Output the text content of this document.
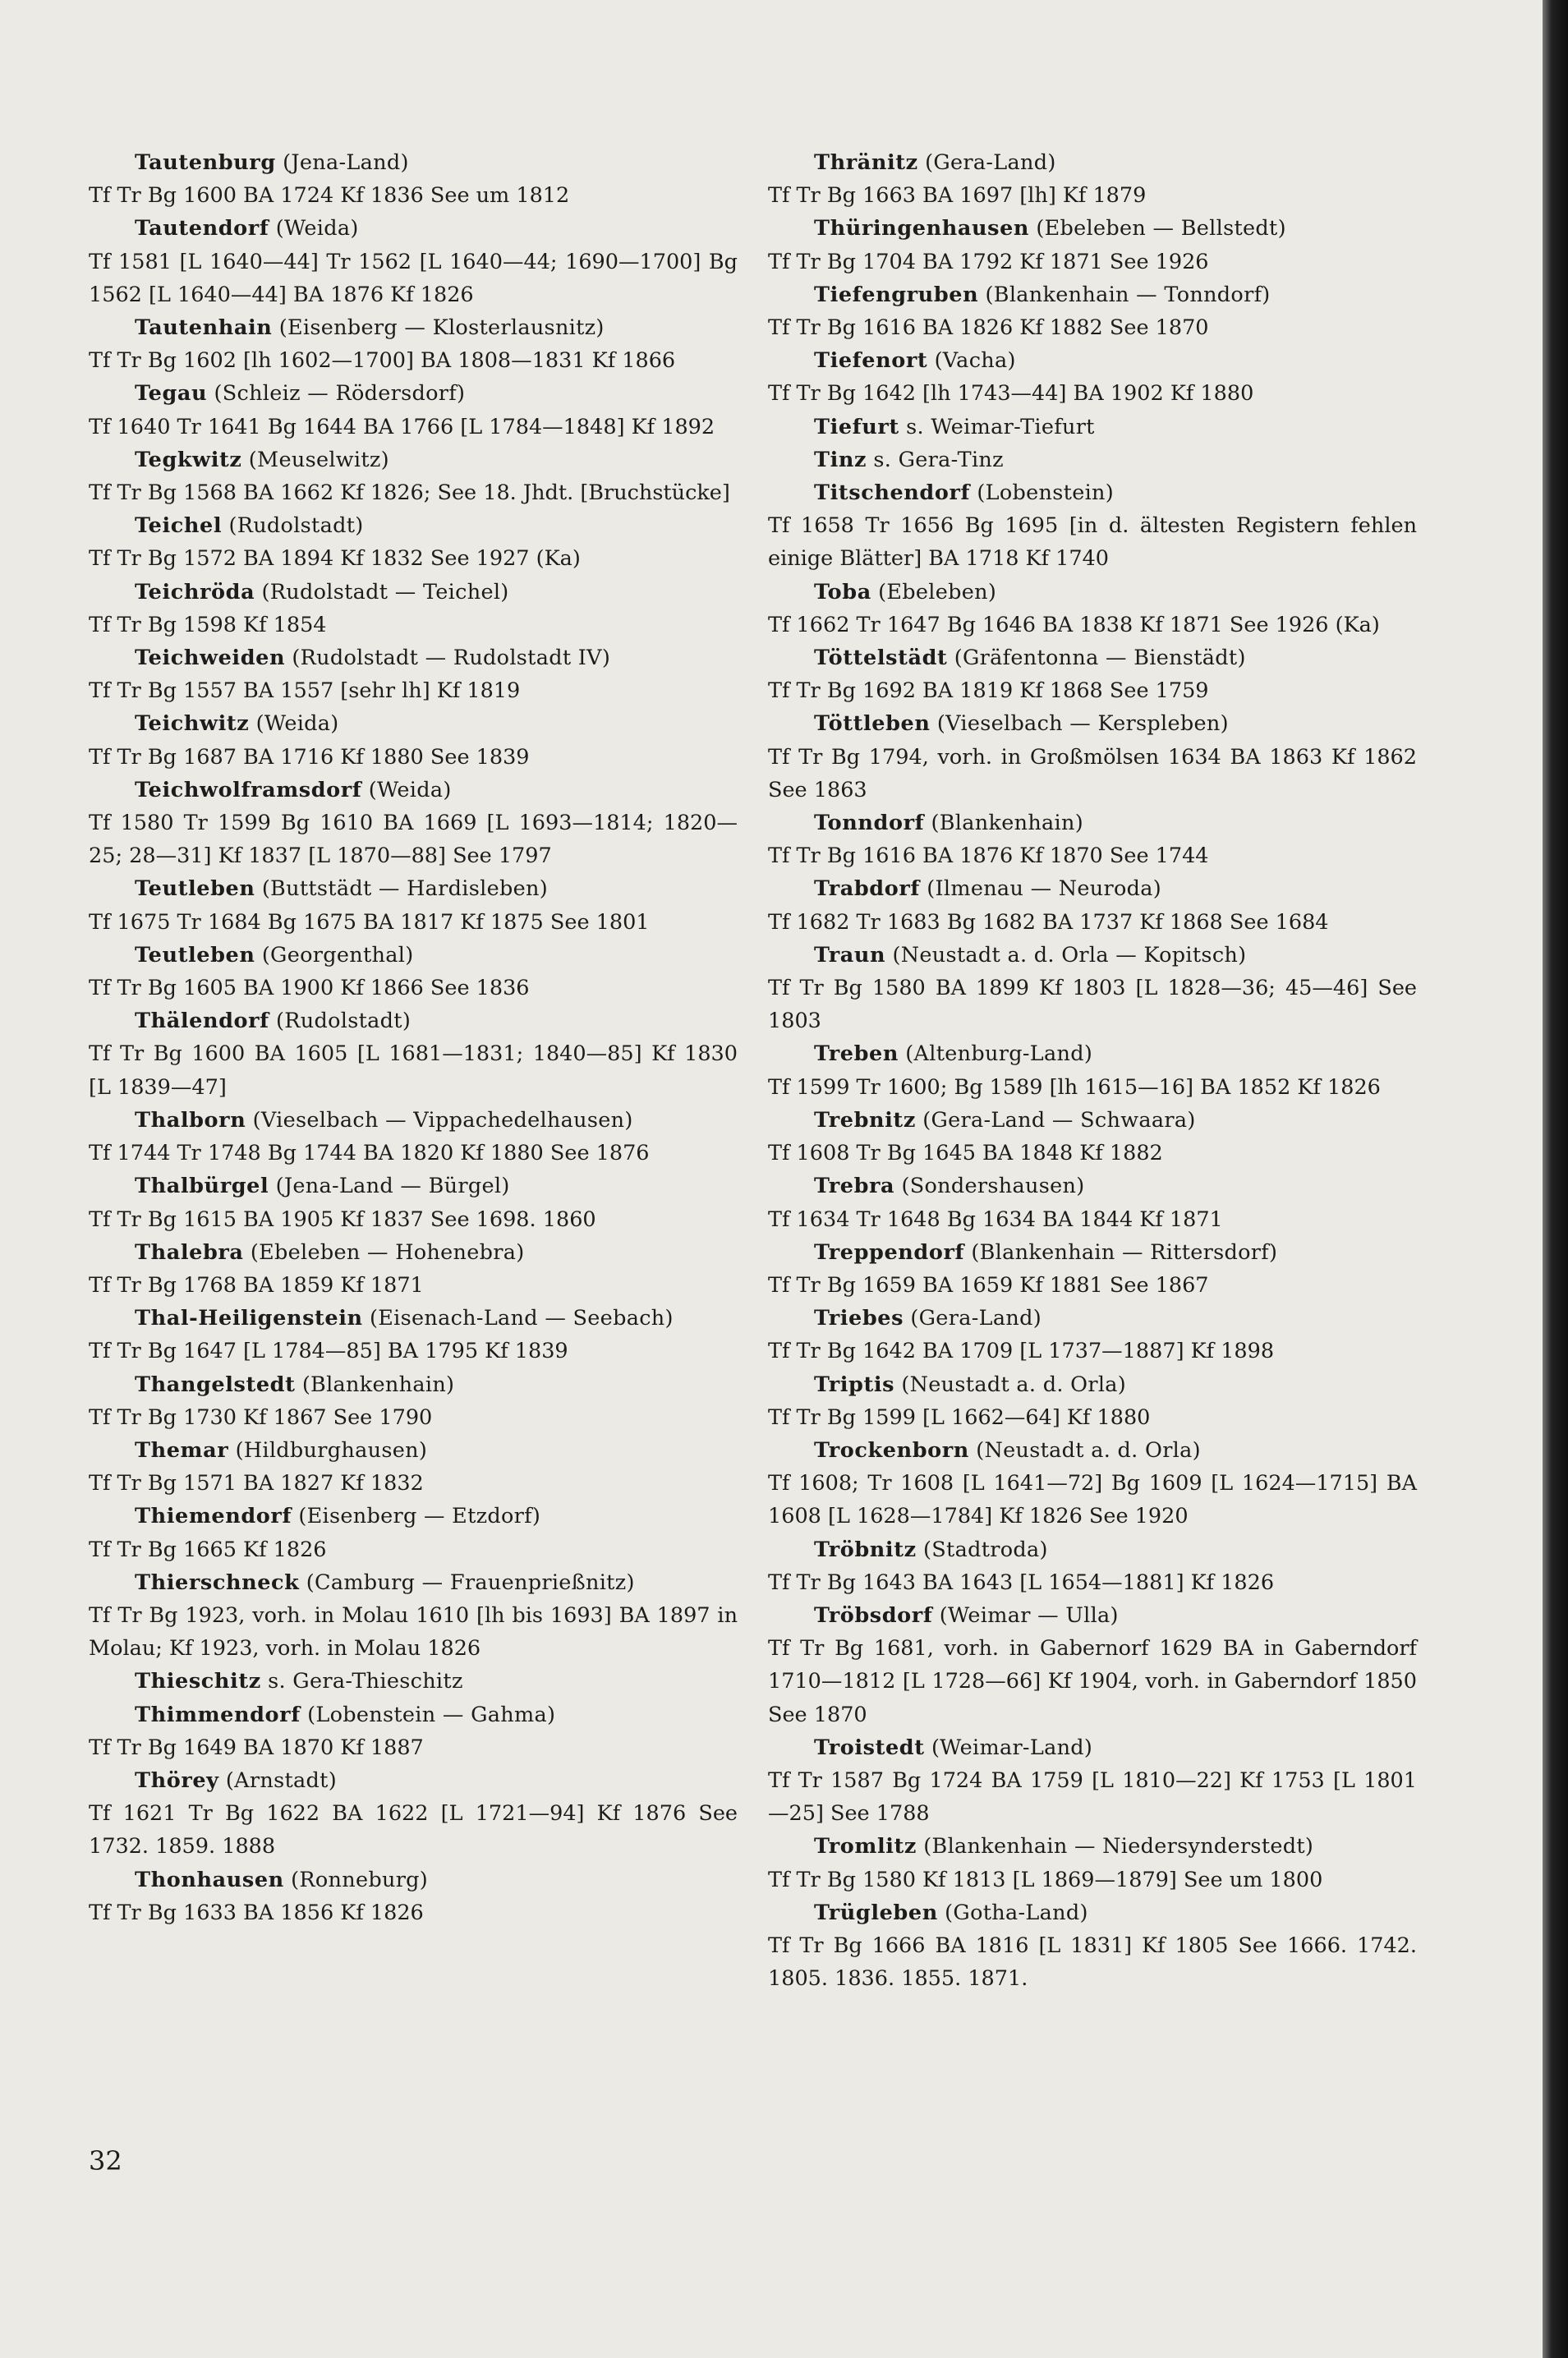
Tautenburg (Jena-Land)
Tf Tr Bg 1600 BA 1724 Kf 1836 See um 1812
Tautendorf (Weida)
Tf 1581 [L 1640—44] Tr 1562 [L 1640—44; 1690—1700] Bg 1562 [L 1640—44] BA 1876 Kf 1826
Tautenhain (Eisenberg — Klosterlausnitz)
Tf Tr Bg 1602 [lh 1602—1700] BA 1808—1831 Kf 1866
Tegau (Schleiz — Rödersdorf)
Tf 1640 Tr 1641 Bg 1644 BA 1766 [L 1784—1848] Kf 1892
Tegkwitz (Meuselwitz)
Tf Tr Bg 1568 BA 1662 Kf 1826; See 18. Jhdt. [Bruchstücke]
Teichel (Rudolstadt)
Tf Tr Bg 1572 BA 1894 Kf 1832 See 1927 (Ka)
Teichröda (Rudolstadt — Teichel)
Tf Tr Bg 1598 Kf 1854
Teichweiden (Rudolstadt — Rudolstadt IV)
Tf Tr Bg 1557 BA 1557 [sehr lh] Kf 1819
Teichwitz (Weida)
Tf Tr Bg 1687 BA 1716 Kf 1880 See 1839
Teichwolframsdorf (Weida)
Tf 1580 Tr 1599 Bg 1610 BA 1669 [L 1693—1814; 1820—25; 28—31] Kf 1837 [L 1870—88] See 1797
Teutleben (Buttstädt — Hardisleben)
Tf 1675 Tr 1684 Bg 1675 BA 1817 Kf 1875 See 1801
Teutleben (Georgenthal)
Tf Tr Bg 1605 BA 1900 Kf 1866 See 1836
Thälendorf (Rudolstadt)
Tf Tr Bg 1600 BA 1605 [L 1681—1831; 1840—85] Kf 1830 [L 1839—47]
Thalborn (Vieselbach — Vippachedelhausen)
Tf 1744 Tr 1748 Bg 1744 BA 1820 Kf 1880 See 1876
Thalbürgel (Jena-Land — Bürgel)
Tf Tr Bg 1615 BA 1905 Kf 1837 See 1698. 1860
Thalebra (Ebeleben — Hohenebra)
Tf Tr Bg 1768 BA 1859 Kf 1871
Thal-Heiligenstein (Eisenach-Land — Seebach)
Tf Tr Bg 1647 [L 1784—85] BA 1795 Kf 1839
Thangelstedt (Blankenhain)
Tf Tr Bg 1730 Kf 1867 See 1790
Themar (Hildburghausen)
Tf Tr Bg 1571 BA 1827 Kf 1832
Thiemendorf (Eisenberg — Etzdorf)
Tf Tr Bg 1665 Kf 1826
Thierschneck (Camburg — Frauenprießnitz)
Tf Tr Bg 1923, vorh. in Molau 1610 [lh bis 1693] BA 1897 in Molau; Kf 1923, vorh. in Molau 1826
Thieschitz s. Gera-Thieschitz
Thimmendorf (Lobenstein — Gahma)
Tf Tr Bg 1649 BA 1870 Kf 1887
Thörey (Arnstadt)
Tf 1621 Tr Bg 1622 BA 1622 [L 1721—94] Kf 1876 See 1732. 1859. 1888
Thonhausen (Ronneburg)
Tf Tr Bg 1633 BA 1856 Kf 1826
Thränitz (Gera-Land)
Tf Tr Bg 1663 BA 1697 [lh] Kf 1879
Thüringenhausen (Ebeleben — Bellstedt)
Tf Tr Bg 1704 BA 1792 Kf 1871 See 1926
Tiefengruben (Blankenhain — Tonndorf)
Tf Tr Bg 1616 BA 1826 Kf 1882 See 1870
Tiefenort (Vacha)
Tf Tr Bg 1642 [lh 1743—44] BA 1902 Kf 1880
Tiefurt s. Weimar-Tiefurt
Tinz s. Gera-Tinz
Titschendorf (Lobenstein)
Tf 1658 Tr 1656 Bg 1695 [in d. ältesten Registern fehlen einige Blätter] BA 1718 Kf 1740
Toba (Ebeleben)
Tf 1662 Tr 1647 Bg 1646 BA 1838 Kf 1871 See 1926 (Ka)
Töttelstädt (Gräfentonna — Bienstädt)
Tf Tr Bg 1692 BA 1819 Kf 1868 See 1759
Töttleben (Vieselbach — Kerspleben)
Tf Tr Bg 1794, vorh. in Großmölsen 1634 BA 1863 Kf 1862 See 1863
Tonndorf (Blankenhain)
Tf Tr Bg 1616 BA 1876 Kf 1870 See 1744
Trabdorf (Ilmenau — Neuroda)
Tf 1682 Tr 1683 Bg 1682 BA 1737 Kf 1868 See 1684
Traun (Neustadt a. d. Orla — Kopitsch)
Tf Tr Bg 1580 BA 1899 Kf 1803 [L 1828—36; 45—46] See 1803
Treben (Altenburg-Land)
Tf 1599 Tr 1600; Bg 1589 [lh 1615—16] BA 1852 Kf 1826
Trebnitz (Gera-Land — Schwaara)
Tf 1608 Tr Bg 1645 BA 1848 Kf 1882
Trebra (Sondershausen)
Tf 1634 Tr 1648 Bg 1634 BA 1844 Kf 1871
Treppendorf (Blankenhain — Rittersdorf)
Tf Tr Bg 1659 BA 1659 Kf 1881 See 1867
Triebes (Gera-Land)
Tf Tr Bg 1642 BA 1709 [L 1737—1887] Kf 1898
Triptis (Neustadt a. d. Orla)
Tf Tr Bg 1599 [L 1662—64] Kf 1880
Trockenborn (Neustadt a. d. Orla)
Tf 1608; Tr 1608 [L 1641—72] Bg 1609 [L 1624—1715] BA 1608 [L 1628—1784] Kf 1826 See 1920
Tröbnitz (Stadtroda)
Tf Tr Bg 1643 BA 1643 [L 1654—1881] Kf 1826
Tröbsdorf (Weimar — Ulla)
Tf Tr Bg 1681, vorh. in Gabernorf 1629 BA in Gaberndorf 1710—1812 [L 1728—66] Kf 1904, vorh. in Gaberndorf 1850 See 1870
Troistedt (Weimar-Land)
Tf Tr 1587 Bg 1724 BA 1759 [L 1810—22] Kf 1753 [L 1801—25] See 1788
Tromlitz (Blankenhain — Niedersynderstedt)
Tf Tr Bg 1580 Kf 1813 [L 1869—1879] See um 1800
Trügleben (Gotha-Land)
Tf Tr Bg 1666 BA 1816 [L 1831] Kf 1805 See 1666. 1742. 1805. 1836. 1855. 1871.
32
